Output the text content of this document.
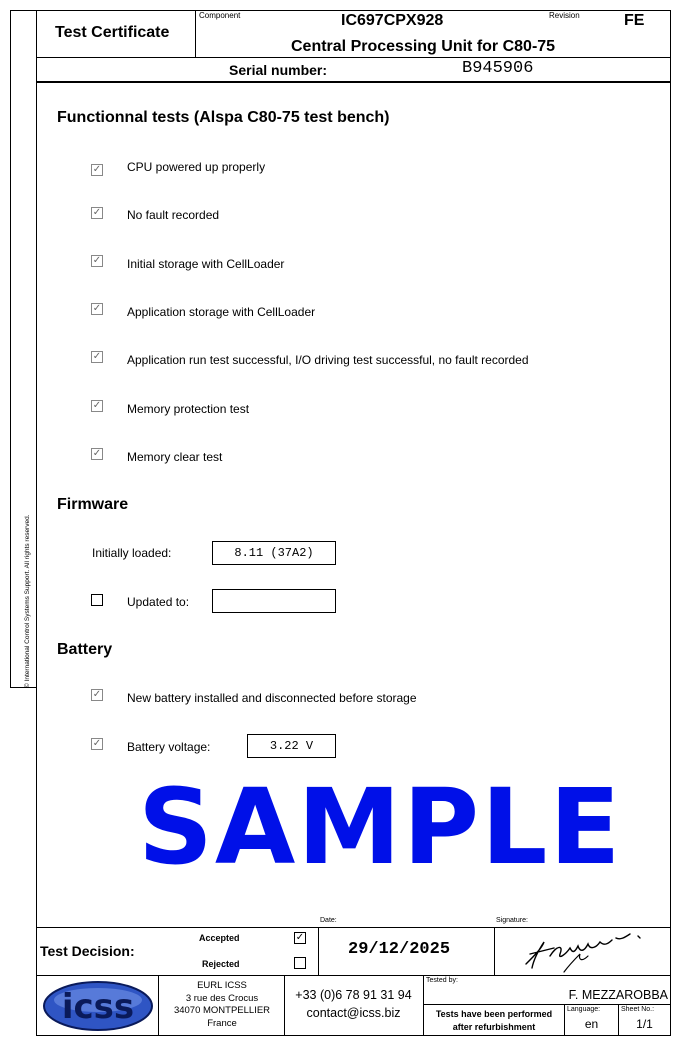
© International Control Systems Support. All rights reserved.
Test Certificate
Component	IC697CPX928	Revision	FE
Central Processing Unit for C80-75
Serial number:	B945906
Functionnal tests (Alspa C80-75 test bench)
✓ CPU powered up properly
✓ No fault recorded
✓ Initial storage with CellLoader
✓ Application storage with CellLoader
✓ Application run test successful, I/O driving test successful, no fault recorded
✓ Memory protection test
✓ Memory clear test
Firmware
Initially loaded:	8.11 (37A2)
Updated to:
Battery
✓ New battery installed and disconnected before storage
✓ Battery voltage:	3.22 V
SAMPLE
Test Decision:
Accepted	✓
Rejected
Date:
29/12/2025
Signature:
icss
EURL ICSS
3 rue des Crocus
34070 MONTPELLIER
France
+33 (0)6 78 91 31 94
contact@icss.biz
Tested by:
F. MEZZAROBBA
Tests have been performed
after refurbishment
Language:
en
Sheet No.:
1/1
